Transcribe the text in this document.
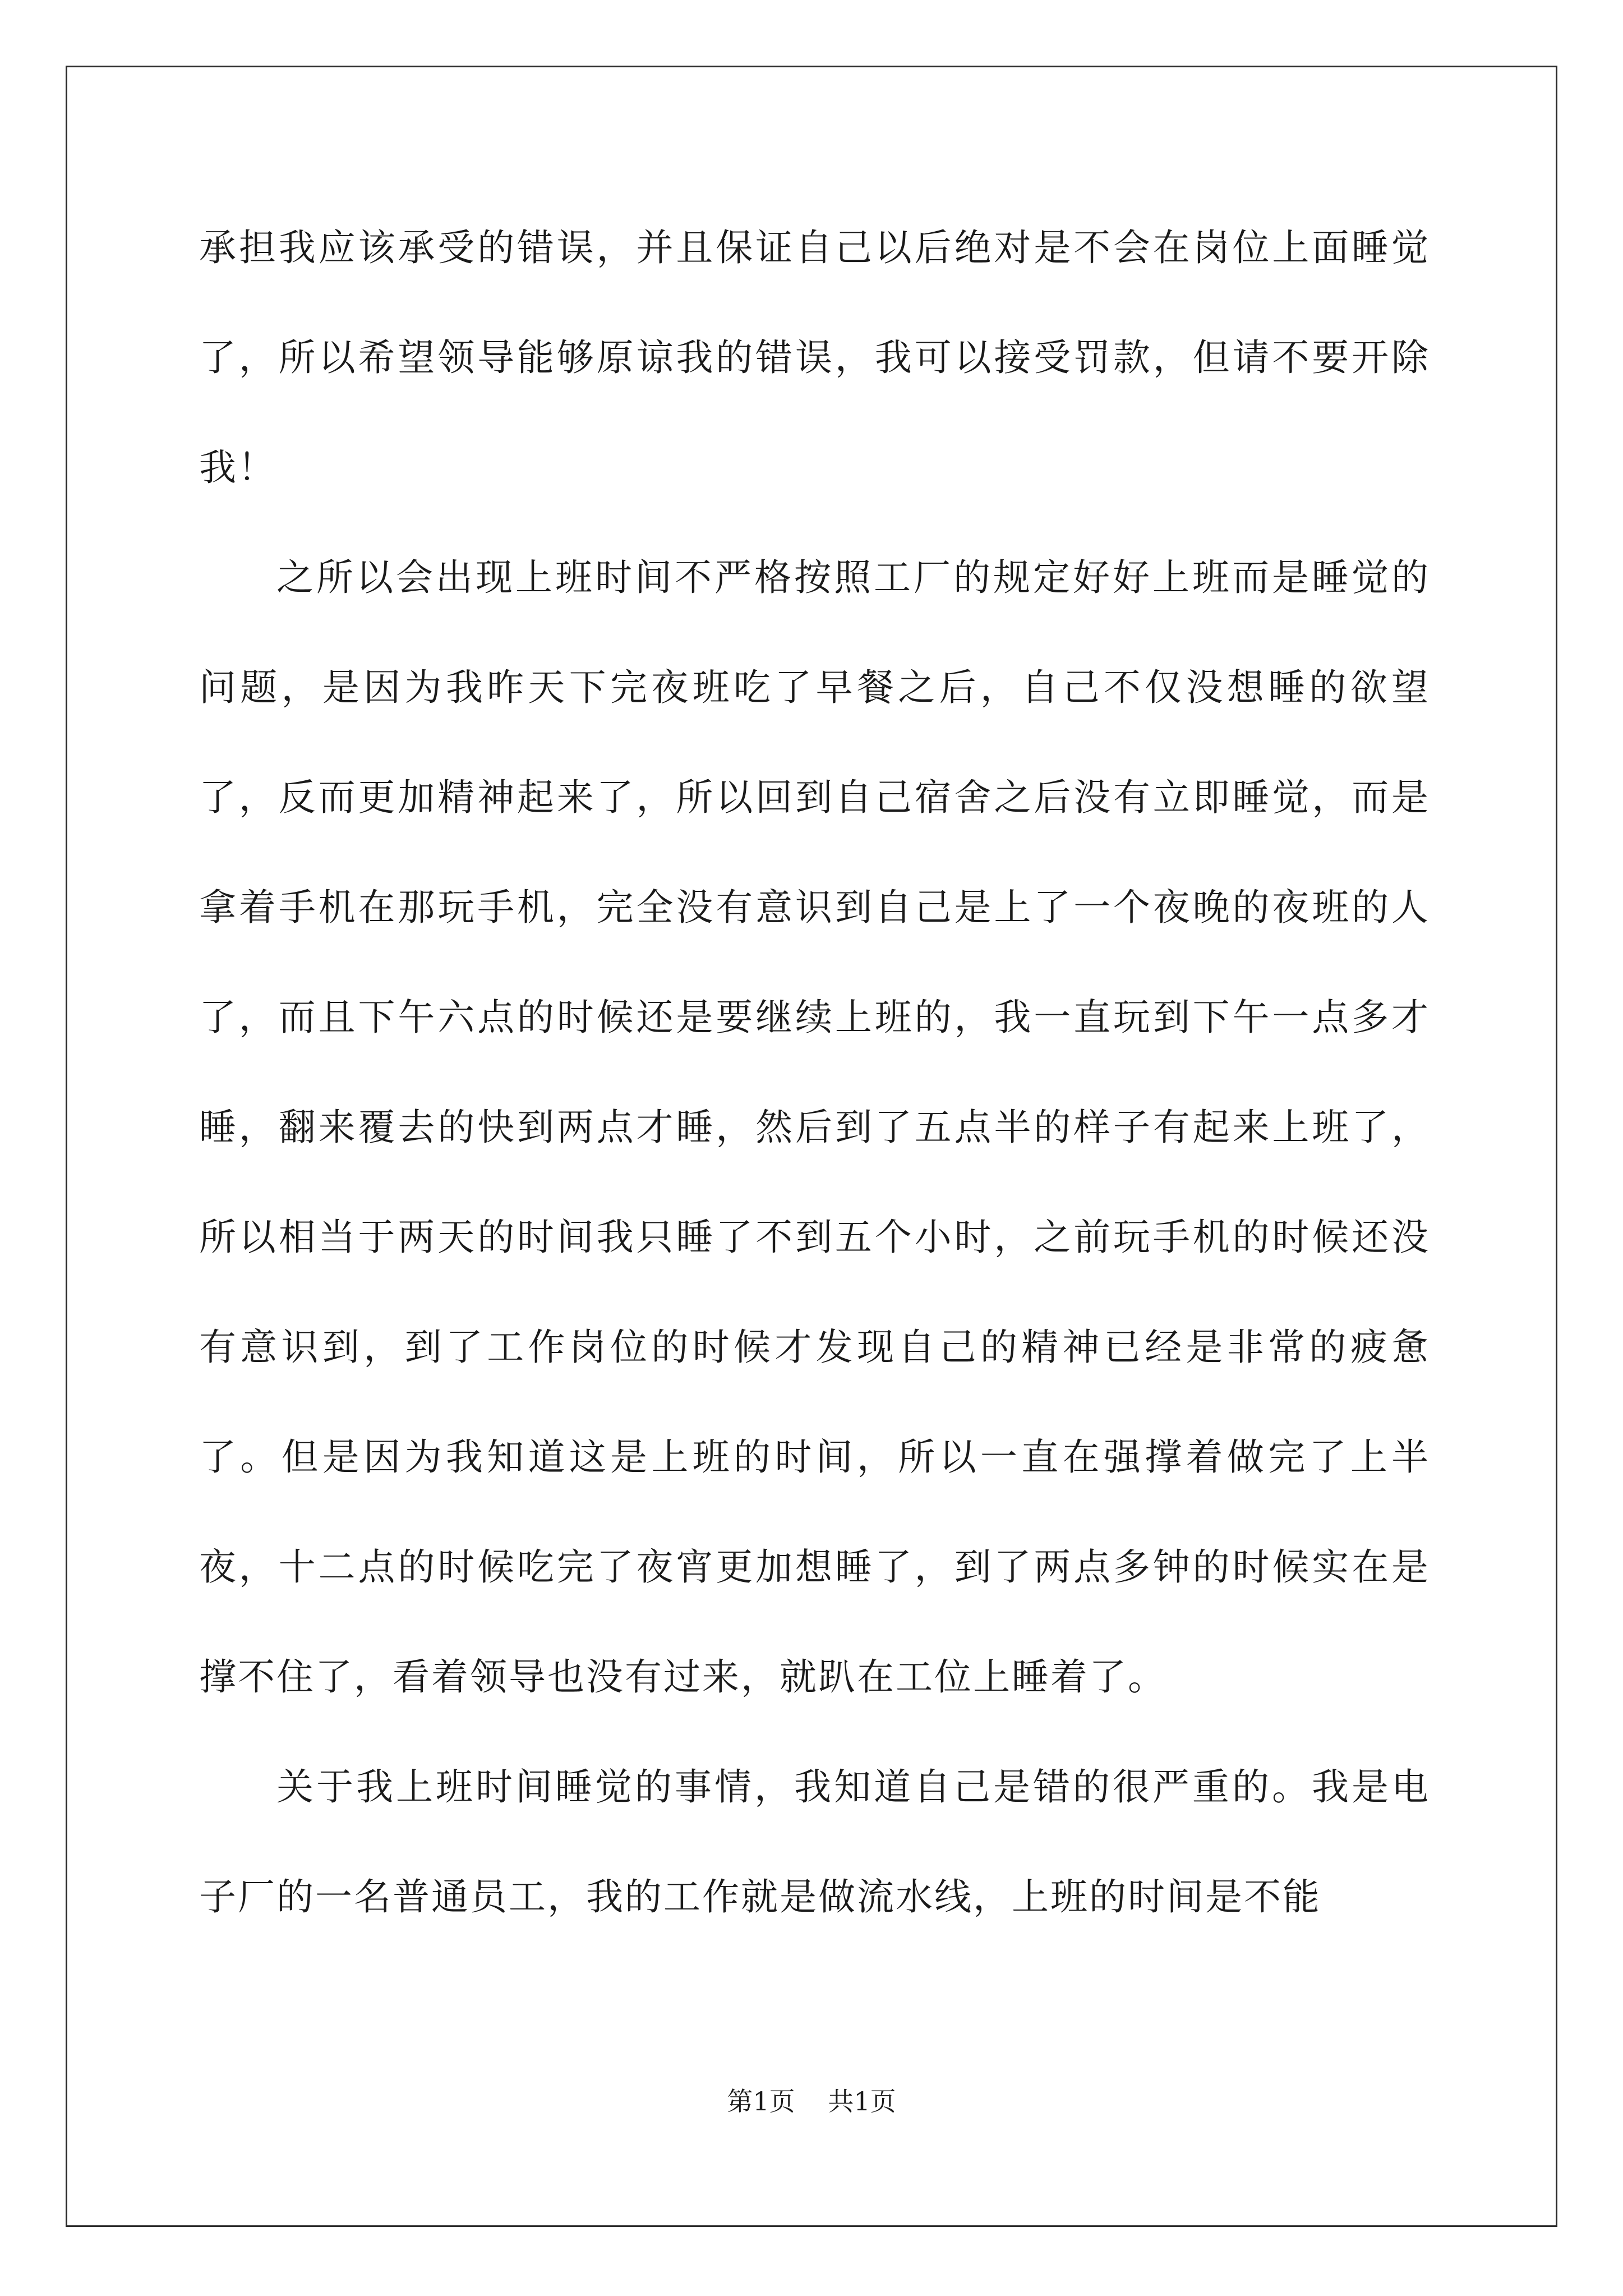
承担我应该承受的错误，并且保证自己以后绝对是不会在岗位上面睡觉了，所以希望领导能够原谅我的错误，我可以接受罚款，但请不要开除我！

之所以会出现上班时间不严格按照工厂的规定好好上班而是睡觉的问题，是因为我昨天下完夜班吃了早餐之后，自己不仅没想睡的欲望了，反而更加精神起来了，所以回到自己宿舍之后没有立即睡觉，而是拿着手机在那玩手机，完全没有意识到自己是上了一个夜晚的夜班的人了，而且下午六点的时候还是要继续上班的，我一直玩到下午一点多才睡，翻来覆去的快到两点才睡，然后到了五点半的样子有起来上班了，所以相当于两天的时间我只睡了不到五个小时，之前玩手机的时候还没有意识到，到了工作岗位的时候才发现自己的精神已经是非常的疲惫了。但是因为我知道这是上班的时间，所以一直在强撑着做完了上半夜，十二点的时候吃完了夜宵更加想睡了，到了两点多钟的时候实在是撑不住了，看着领导也没有过来，就趴在工位上睡着了。

关于我上班时间睡觉的事情，我知道自己是错的很严重的。我是电子厂的一名普通员工，我的工作就是做流水线，上班的时间是不能

第1页 共1页
